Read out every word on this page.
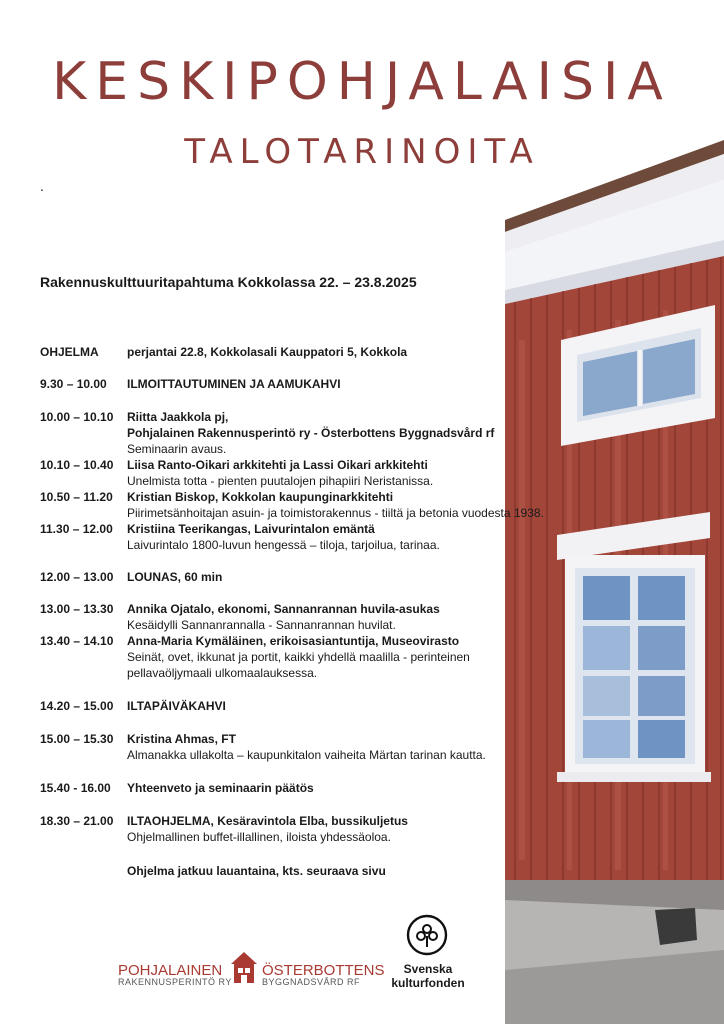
KESKIPOHJALAISIA
TALOTARINOITA
.
Rakennuskulttuuritapahtuma Kokkolassa 22. – 23.8.2025
OHJELMA	perjantai 22.8, Kokkolasali Kauppatori 5, Kokkola
9.30 – 10.00	ILMOITTAUTUMINEN JA AAMUKAHVI
10.00 – 10.10	Riitta Jaakkola pj,
Pohjalainen Rakennusperintö ry - Österbottens Byggnadsvård rf
Seminaarin avaus.
10.10 – 10.40	Liisa Ranto-Oikari arkkitehti ja Lassi Oikari arkkitehti
Unelmista totta - pienten puutalojen pihapiiri Neristanissa.
10.50 – 11.20	Kristian Biskop, Kokkolan kaupunginarkkitehti
Piirimetsänhoitajan asuin- ja toimistorakennus - tiiltä ja betonia vuodesta 1938.
11.30 – 12.00	Kristiina Teerikangas, Laivurintalon emäntä
Laivurintalo 1800-luvun hengessä – tiloja, tarjoilua, tarinaa.
12.00 – 13.00	LOUNAS, 60 min
13.00 – 13.30	Annika Ojatalo, ekonomi, Sannanrannan huvila-asukas
Kesäidylli Sannanrannalla - Sannanrannan huvilat.
13.40 – 14.10	Anna-Maria Kymäläinen, erikoisasiantuntija, Museovirasto
Seinät, ovet, ikkunat ja portit, kaikki yhdellä maalilla - perinteinen
pellavaöljymaali ulkomaalauksessa.
14.20 – 15.00	ILTAPÄIVÄKAHVI
15.00 – 15.30	Kristina Ahmas, FT
Almanakka ullakolta – kaupunkitalon vaiheita Märtan tarinan kautta.
15.40 - 16.00	Yhteenveto ja seminaarin päätös
18.30 – 21.00	ILTAOHJELMA, Kesäravintola Elba, bussikuljetus
Ohjelmallinen buffet-illallinen, iloista yhdessäoloa.
Ohjelma jatkuu lauantaina, kts. seuraava sivu
POHJALAINEN
RAKENNUSPERINTÖ RY
ÖSTERBOTTENS
BYGGNADSVÅRD RF
Svenska
kulturfonden
